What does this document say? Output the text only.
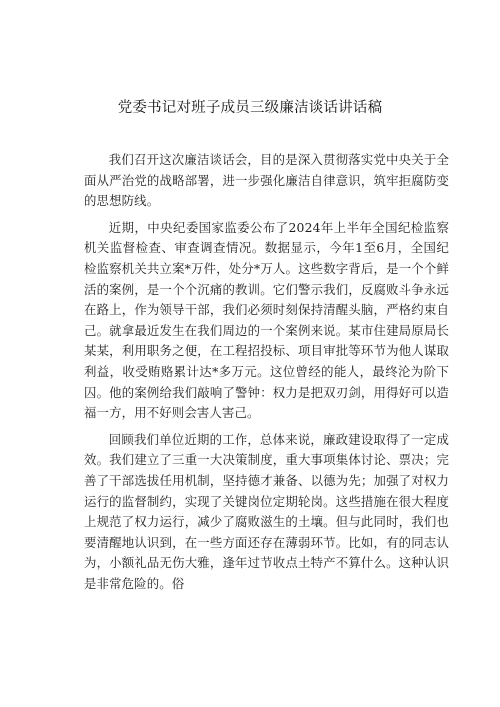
党委书记对班子成员三级廉洁谈话讲话稿

我们召开这次廉洁谈话会，目的是深入贯彻落实党中央关于全面从严治党的战略部署，进一步强化廉洁自律意识，筑牢拒腐防变的思想防线。

近期，中央纪委国家监委公布了2024年上半年全国纪检监察机关监督检查、审查调查情况。数据显示，今年1至6月，全国纪检监察机关共立案*万件，处分*万人。这些数字背后，是一个个鲜活的案例，是一个个沉痛的教训。它们警示我们，反腐败斗争永远在路上，作为领导干部，我们必须时刻保持清醒头脑，严格约束自己。就拿最近发生在我们周边的一个案例来说。某市住建局原局长某某，利用职务之便，在工程招投标、项目审批等环节为他人谋取利益，收受贿赂累计达*多万元。这位曾经的能人，最终沦为阶下囚。他的案例给我们敲响了警钟：权力是把双刃剑，用得好可以造福一方，用不好则会害人害己。

回顾我们单位近期的工作，总体来说，廉政建设取得了一定成效。我们建立了三重一大决策制度，重大事项集体讨论、票决；完善了干部选拔任用机制，坚持德才兼备、以德为先；加强了对权力运行的监督制约，实现了关键岗位定期轮岗。这些措施在很大程度上规范了权力运行，减少了腐败滋生的土壤。但与此同时，我们也要清醒地认识到，在一些方面还存在薄弱环节。比如，有的同志认为，小额礼品无伤大雅，逢年过节收点土特产不算什么。这种认识是非常危险的。俗
